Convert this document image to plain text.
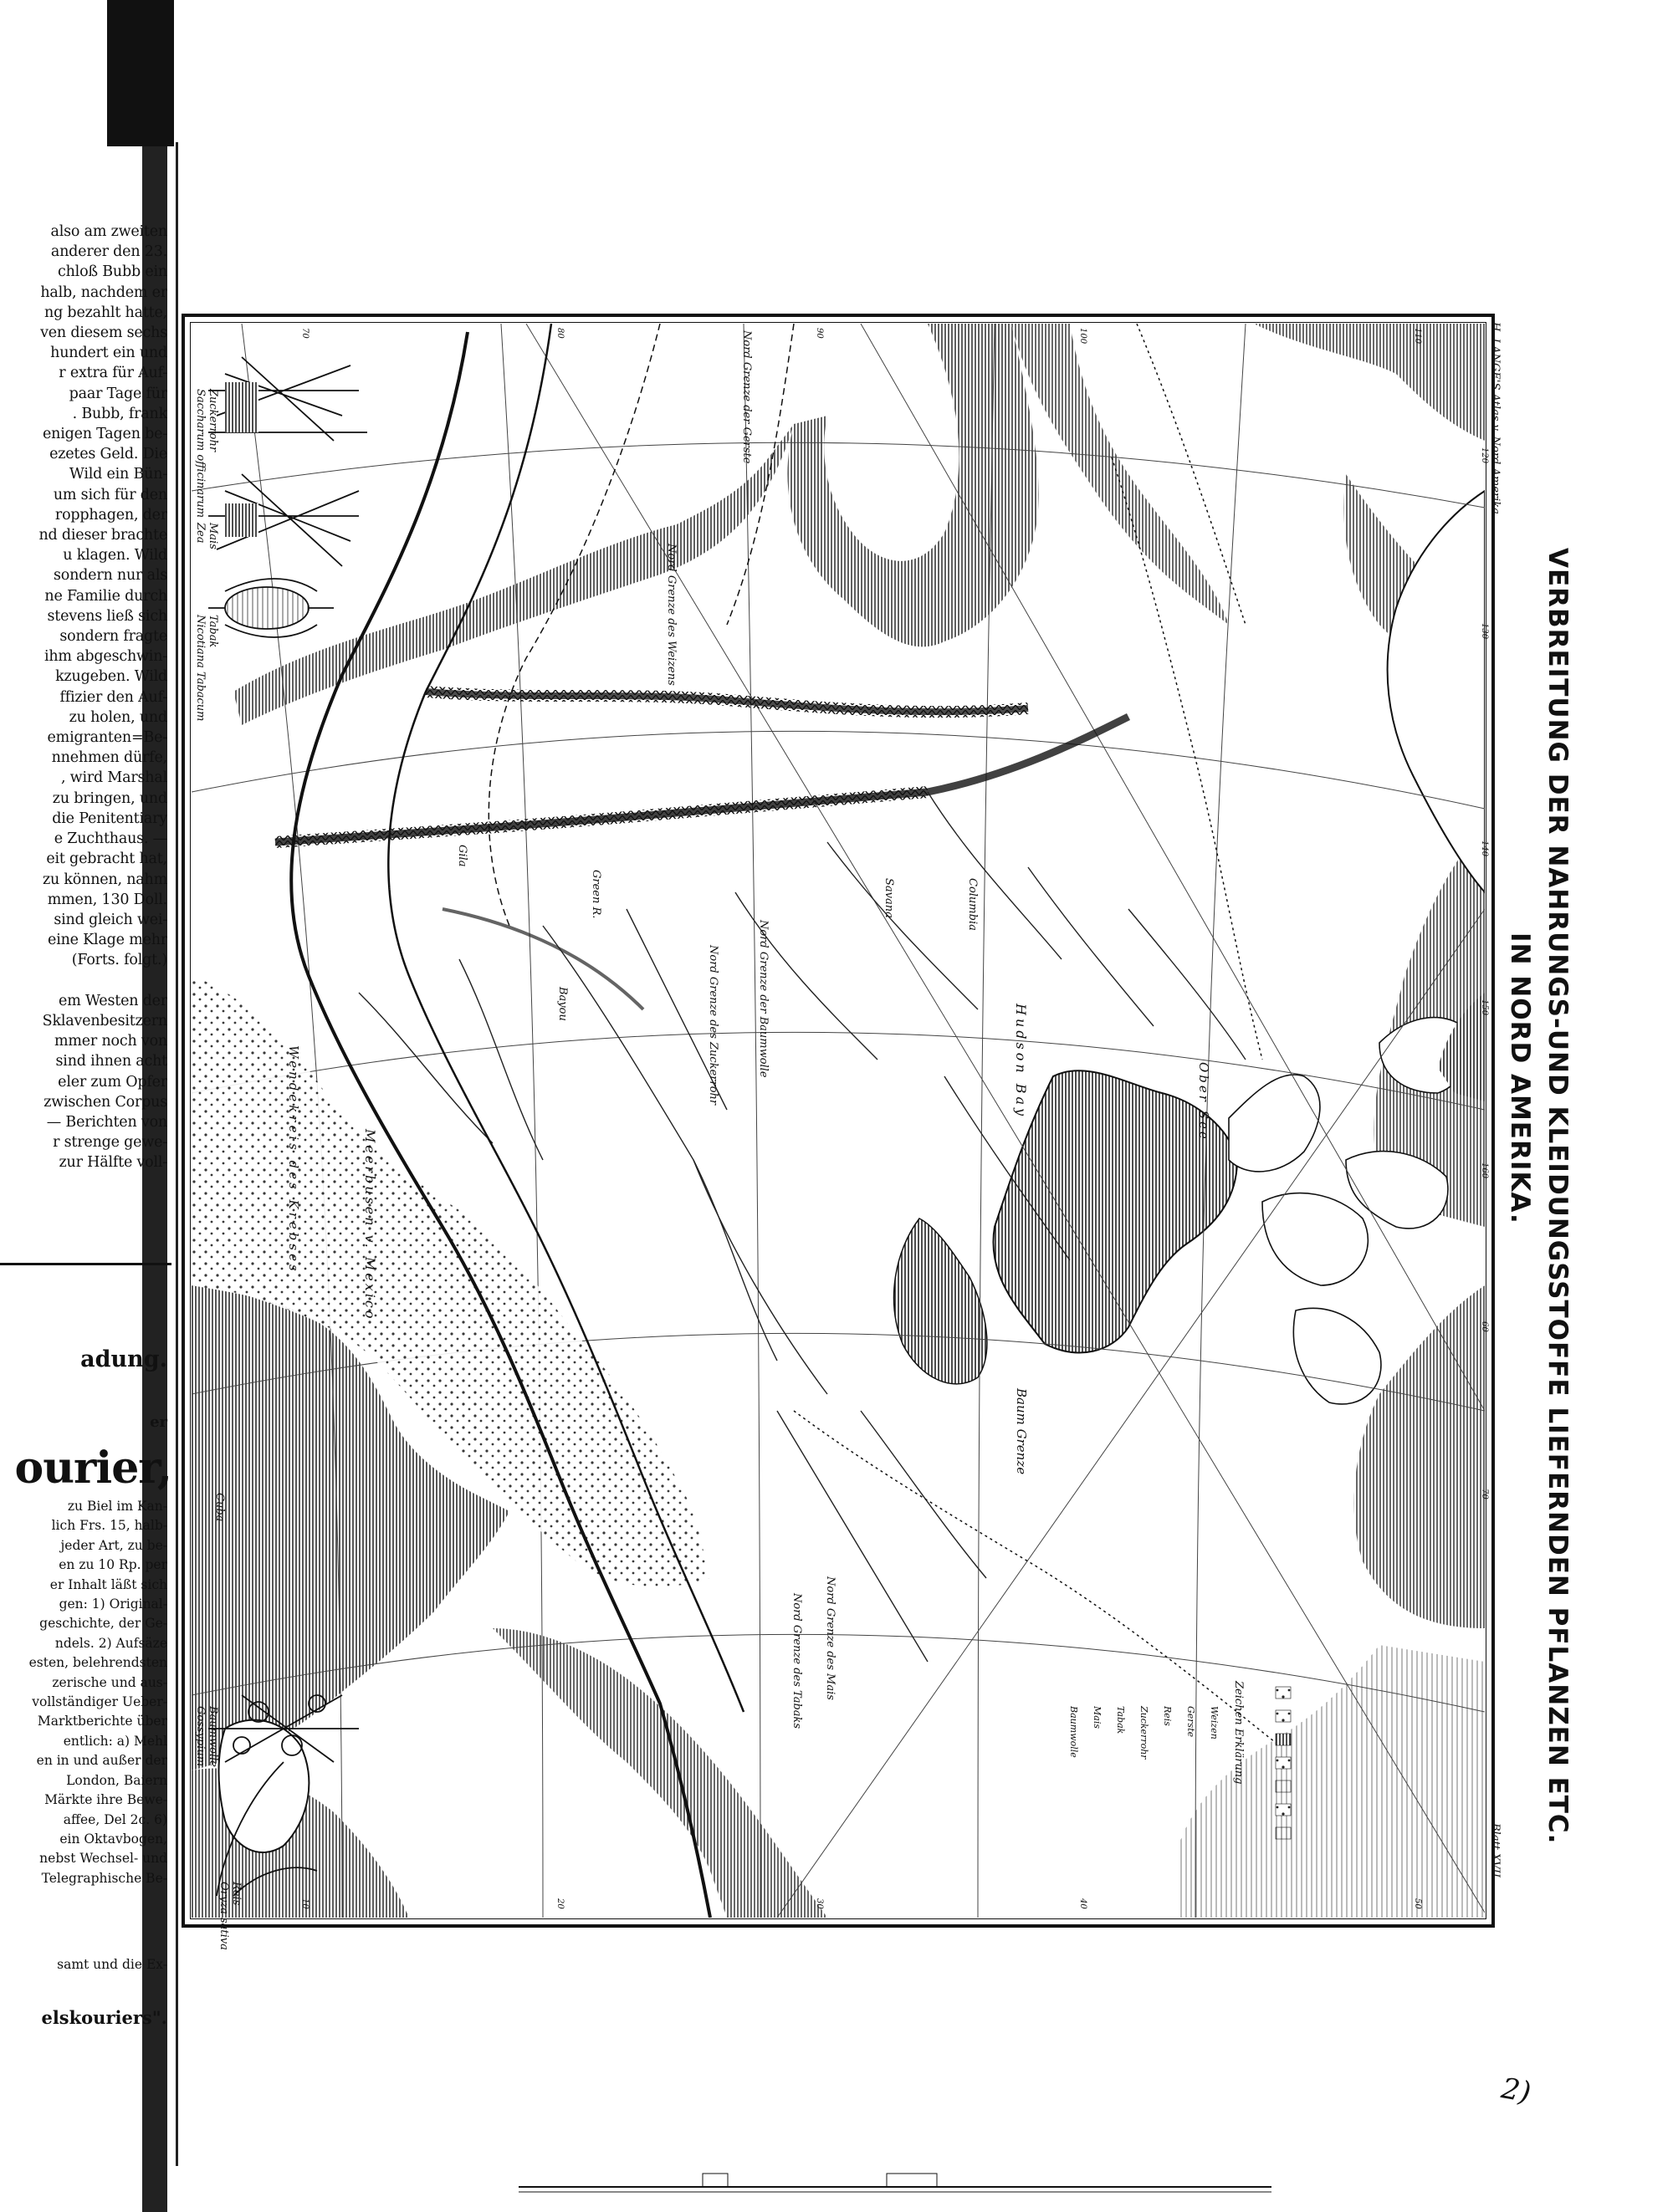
also am zweiten

anderer den 23.

chloß Bubb ein

halb, nachdem er

ng bezahlt hatte,

ven diesem sechs

hundert ein und

r extra für Auf-

paar Tage für

. Bubb, frank

enigen Tagen be-

ezetes Geld. Die

Wild ein Bün-

um sich für den

ropphagen, der

nd dieser brachte

u klagen. Wild

sondern nur als

ne Familie durch

stevens ließ sich

sondern fragte

ihm abgeschwin-

kzugeben. Wild

ffizier den Auf-

zu holen, und

emigranten=Be-

nnehmen dürfe,

, wird Marshal

zu bringen, und

die Penitentiary

e Zuchthaus. —

eit gebracht hat,

zu können, nahm

mmen, 130 Doll.

sind gleich wei-

eine Klage mehr

(Forts. folgt.)

em Westen der

Sklavenbesitzern

mmer noch von

sind ihnen acht

eler zum Opfer

zwischen Corpus

— Berichten von

r strenge gewe-

zur Hälfte voll-

adung.
er
ourier,

zu Biel im Kan-

lich Frs. 15, halb-

jeder Art, zu be-

en zu 10 Rp. per

er Inhalt läßt sich

gen: 1) Original-

geschichte, der Ge-

ndels. 2) Aufsäze

esten, belehrendsten

zerische und aus-

vollständiger Ueber-

Marktberichte über

entlich: a) Mehl

en in und außer der

London, Baiern

Märkte ihre Bewe-

affee, Del 2c. 6)

ein Oktavbogen,

nebst Wechsel- und

Telegraphische Be-

samt und die Ex-
elskouriers".
VERBREITUNG DER NAHRUNGS-UND KLEIDUNGSSTOFFE LIEFERNDEN PFLANZEN ETC.
IN NORD AMERIKA.
H. LANGE'S Atlas v. Nord Amerika.
Blatt XVII.
Zuckerrohr
Saccharum officinarum
Mais
Zea
Tabak
Nicotiana Tabacum
Baumwolle
Gossypium
Reis
Oryza sativa
Zeichen Erklärung
Weizen
Gerste
Reis
Zuckerrohr
Tabak
Mais
Baumwolle
Nord Grenze der Gerste
Nord Grenze des Weizens
Nord Grenze des Mais
Nord Grenze des Tabaks
Nord Grenze der Baumwolle
Nord Grenze des Zuckerrohr
Baum Grenze
Wendekreis des Krebses	Meerbusen v. Mexico
Hudson Bay
Cuba
Gila
Green R.	Savana
Bayou
Columbia
Ober See
70	80	90	100	110
120
130
140
150
160
10	20	30	40	50
60
70
2)
